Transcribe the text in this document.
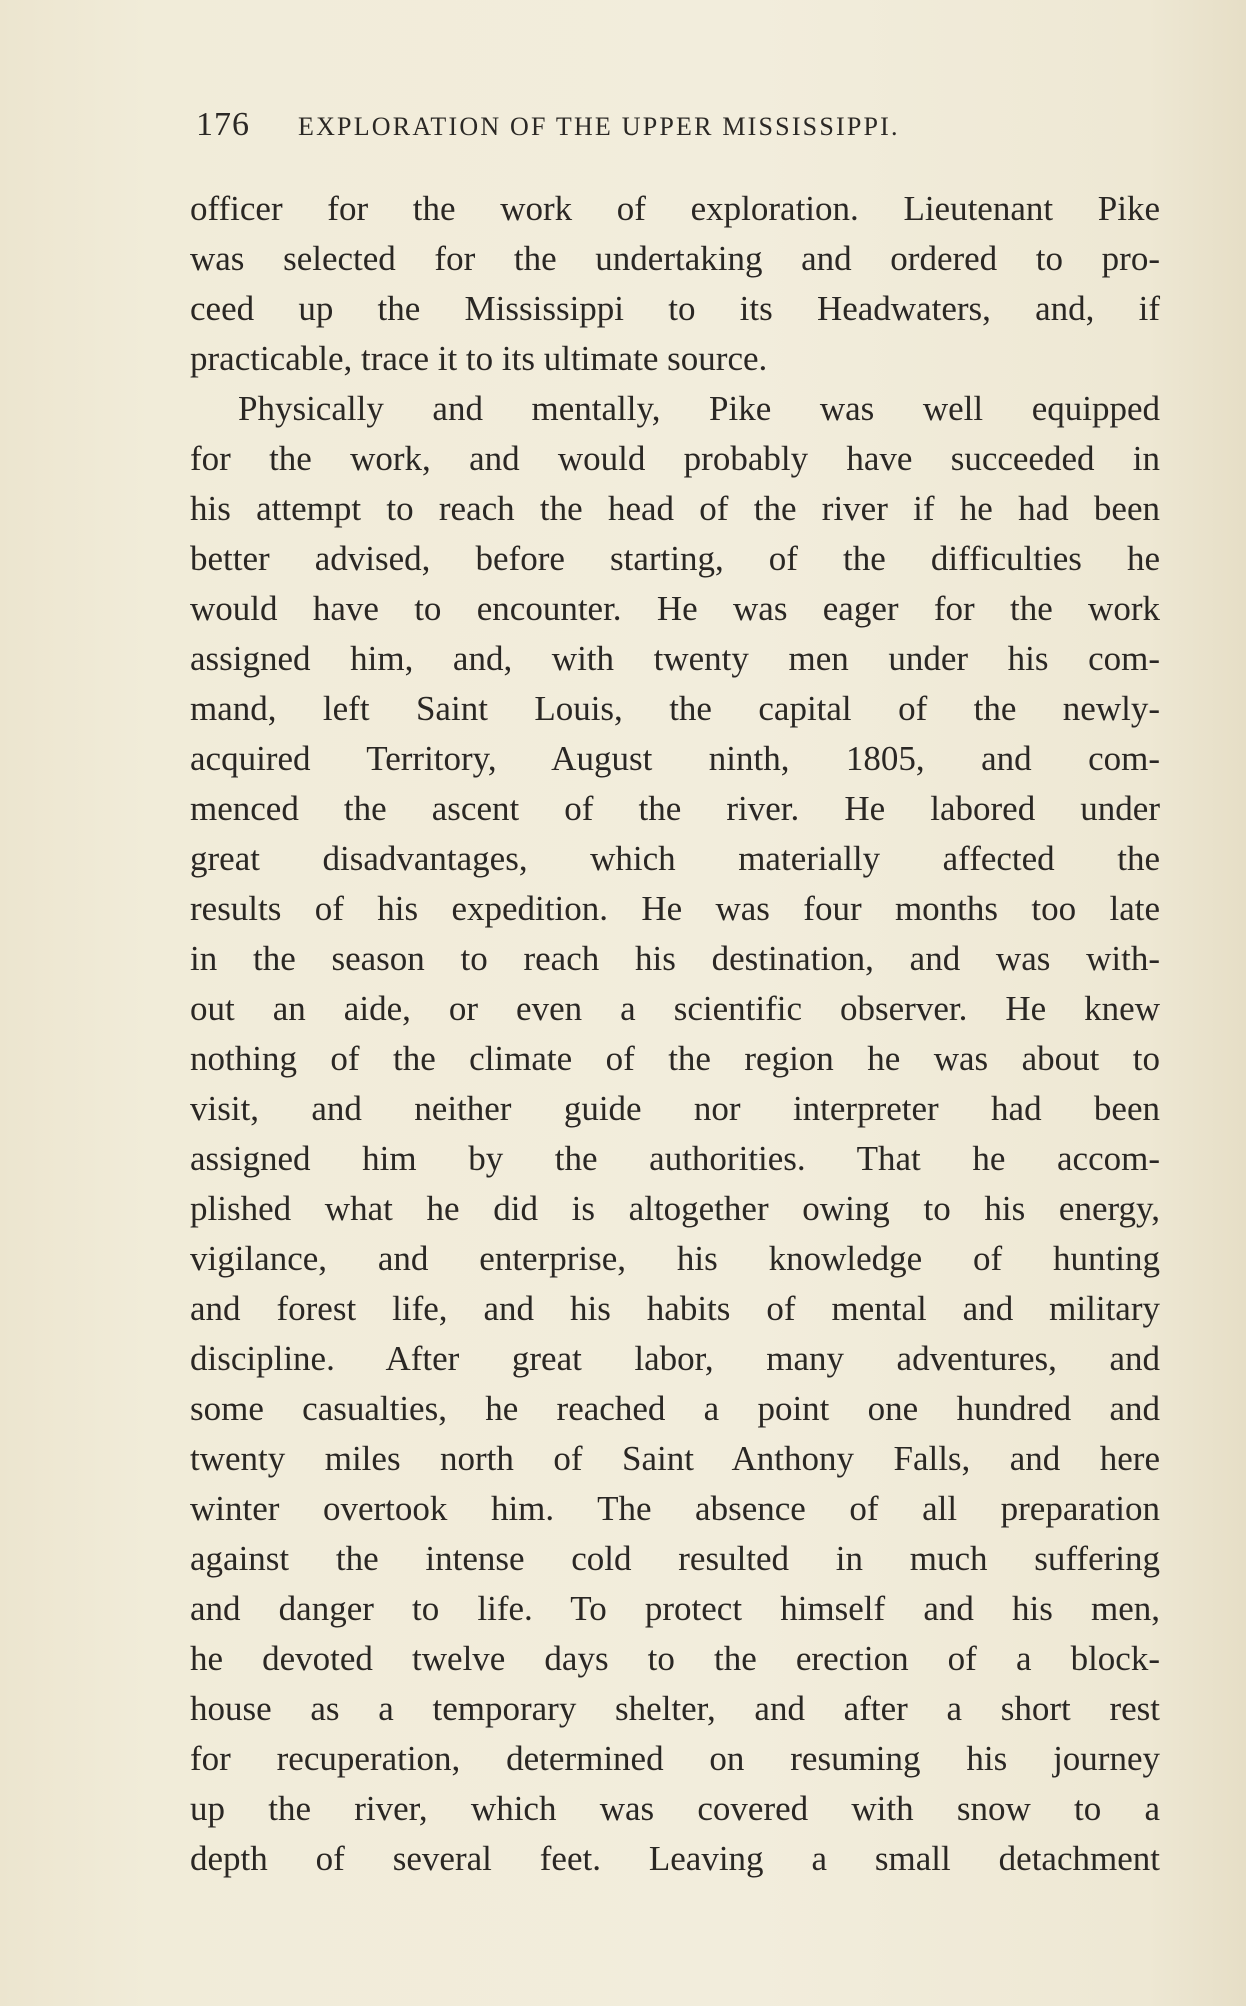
176 EXPLORATION OF THE UPPER MISSISSIPPI.
officer for the work of exploration. Lieutenant Pike
was selected for the undertaking and ordered to pro-
ceed up the Mississippi to its Headwaters, and, if
practicable, trace it to its ultimate source.
Physically and mentally, Pike was well equipped
for the work, and would probably have succeeded in
his attempt to reach the head of the river if he had been
better advised, before starting, of the difficulties he
would have to encounter. He was eager for the work
assigned him, and, with twenty men under his com-
mand, left Saint Louis, the capital of the newly-
acquired Territory, August ninth, 1805, and com-
menced the ascent of the river. He labored under
great disadvantages, which materially affected the
results of his expedition. He was four months too late
in the season to reach his destination, and was with-
out an aide, or even a scientific observer. He knew
nothing of the climate of the region he was about to
visit, and neither guide nor interpreter had been
assigned him by the authorities. That he accom-
plished what he did is altogether owing to his energy,
vigilance, and enterprise, his knowledge of hunting
and forest life, and his habits of mental and military
discipline. After great labor, many adventures, and
some casualties, he reached a point one hundred and
twenty miles north of Saint Anthony Falls, and here
winter overtook him. The absence of all preparation
against the intense cold resulted in much suffering
and danger to life. To protect himself and his men,
he devoted twelve days to the erection of a block-
house as a temporary shelter, and after a short rest
for recuperation, determined on resuming his journey
up the river, which was covered with snow to a
depth of several feet. Leaving a small detachment
